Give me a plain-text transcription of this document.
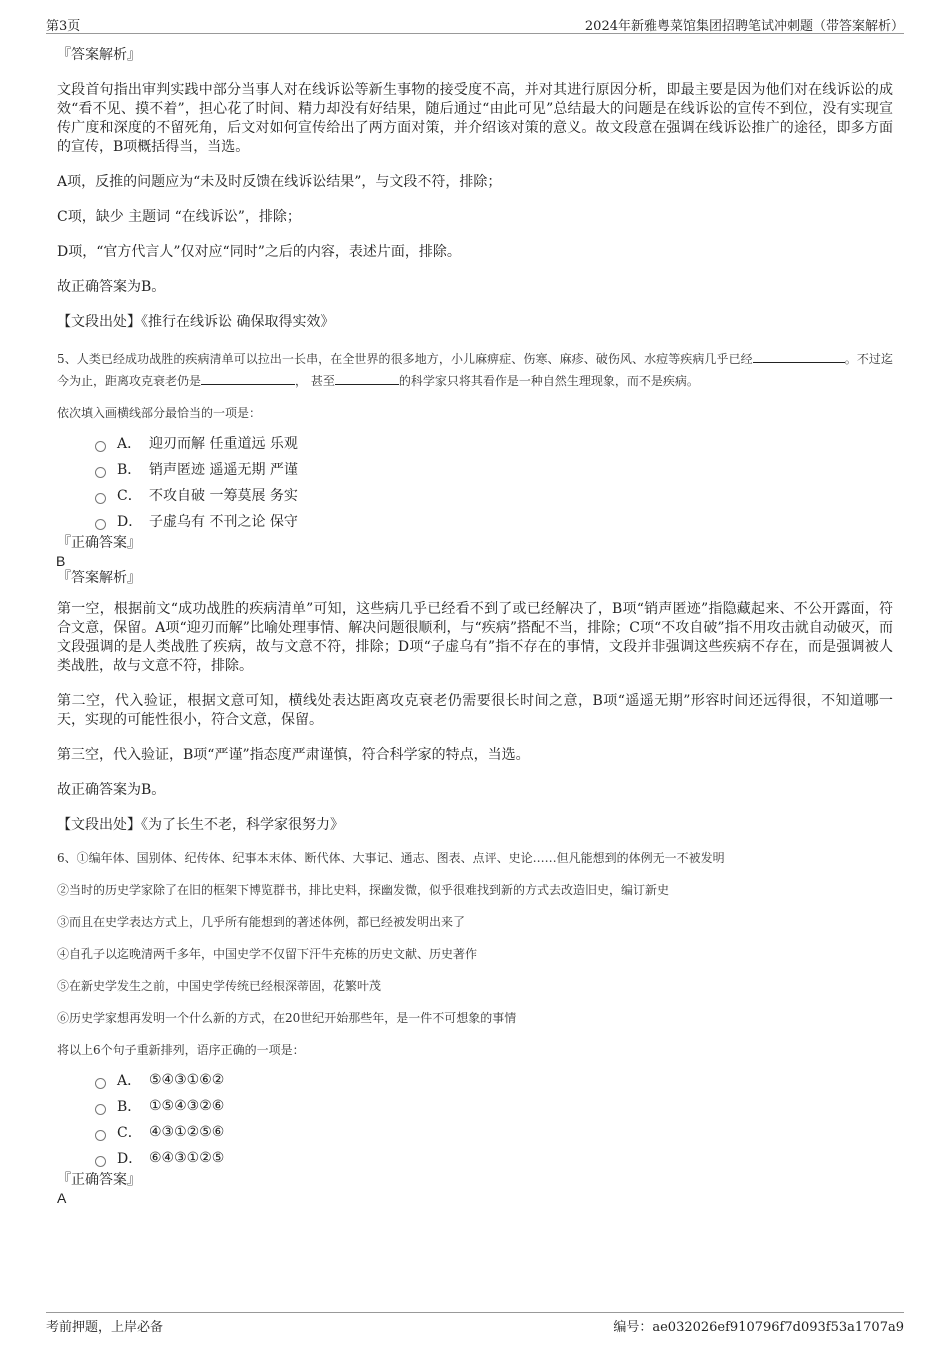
第3页	2024年新雅粤菜馆集团招聘笔试冲刺题（带答案解析）

『答案解析』

文段首句指出审判实践中部分当事人对在线诉讼等新生事物的接受度不高，并对其进行原因分析，即最主要是因为他们对在线诉讼的成效“看不见、摸不着”，担心花了时间、精力却没有好结果，随后通过“由此可见”总结最大的问题是在线诉讼的宣传不到位，没有实现宣传广度和深度的不留死角，后文对如何宣传给出了两方面对策，并介绍该对策的意义。故文段意在强调在线诉讼推广的途径，即多方面的宣传，B项概括得当，当选。

A项，反推的问题应为“未及时反馈在线诉讼结果”，与文段不符，排除；

C项，缺少 主题词 “在线诉讼”，排除；

D项，“官方代言人”仅对应“同时”之后的内容，表述片面，排除。

故正确答案为B。

【文段出处】《推行在线诉讼 确保取得实效》

5、人类已经成功战胜的疾病清单可以拉出一长串，在全世界的很多地方，小儿麻痹症、伤寒、麻疹、破伤风、水痘等疾病几乎已经	。不过迄今为止，距离攻克衰老仍是	， 甚至	的科学家只将其看作是一种自然生理现象，而不是疾病。

依次填入画横线部分最恰当的一项是：

A． 迎刃而解 任重道远 乐观
B． 销声匿迹 遥遥无期 严谨
C． 不攻自破 一筹莫展 务实
D． 子虚乌有 不刊之论 保守

『正确答案』

B

『答案解析』

第一空，根据前文“成功战胜的疾病清单”可知，这些病几乎已经看不到了或已经解决了，B项“销声匿迹”指隐藏起来、不公开露面，符合文意，保留。A项“迎刃而解”比喻处理事情、解决问题很顺利，与“疾病”搭配不当，排除；C项“不攻自破”指不用攻击就自动破灭，而文段强调的是人类战胜了疾病，故与文意不符，排除；D项“子虚乌有”指不存在的事情，文段并非强调这些疾病不存在，而是强调被人类战胜，故与文意不符，排除。

第二空，代入验证，根据文意可知，横线处表达距离攻克衰老仍需要很长时间之意，B项“遥遥无期”形容时间还远得很，不知道哪一天，实现的可能性很小，符合文意，保留。

第三空，代入验证，B项“严谨”指态度严肃谨慎，符合科学家的特点，当选。

故正确答案为B。

【文段出处】《为了长生不老，科学家很努力》

6、①编年体、国别体、纪传体、纪事本末体、断代体、大事记、通志、图表、点评、史论……但凡能想到的体例无一不被发明

②当时的历史学家除了在旧的框架下博览群书，排比史料，探幽发微，似乎很难找到新的方式去改造旧史，编订新史

③而且在史学表达方式上，几乎所有能想到的著述体例，都已经被发明出来了

④自孔子以迄晚清两千多年，中国史学不仅留下汗牛充栋的历史文献、历史著作

⑤在新史学发生之前，中国史学传统已经根深蒂固，花繁叶茂

⑥历史学家想再发明一个什么新的方式，在20世纪开始那些年，是一件不可想象的事情

将以上6个句子重新排列，语序正确的一项是：

A． ⑤④③①⑥②
B． ①⑤④③②⑥
C． ④③①②⑤⑥
D． ⑥④③①②⑤

『正确答案』

A

考前押题，上岸必备	编号：ae032026ef910796f7d093f53a1707a9
